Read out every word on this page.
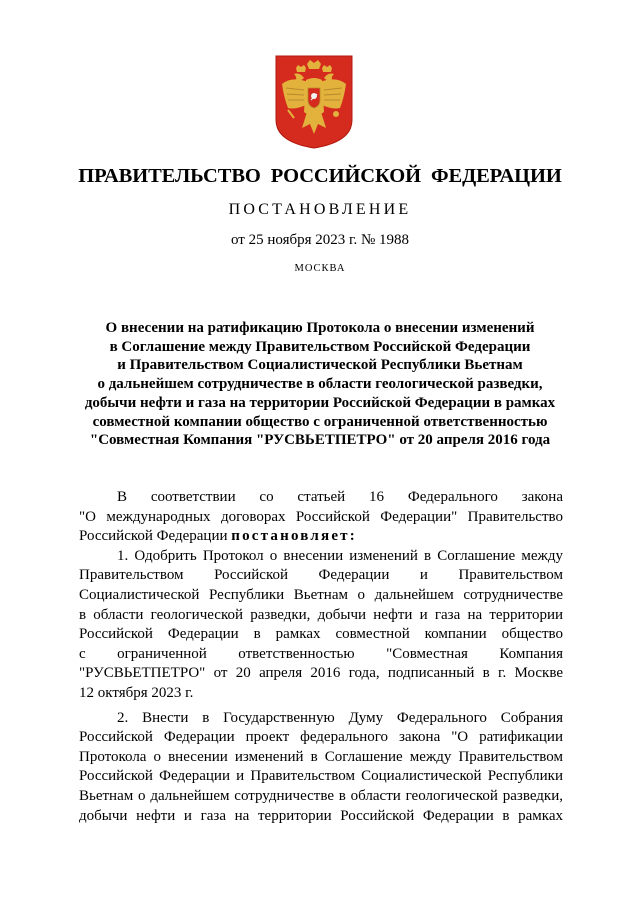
ПРАВИТЕЛЬСТВО  РОССИЙСКОЙ  ФЕДЕРАЦИИ
ПОСТАНОВЛЕНИЕ
от 25 ноября 2023 г. № 1988
МОСКВА
О внесении на ратификацию Протокола о внесении изменений
в Соглашение между Правительством Российской Федерации
и Правительством Социалистической Республики Вьетнам
о дальнейшем сотрудничестве в области геологической разведки,
добычи нефти и газа на территории Российской Федерации в рамках
совместной компании общество с ограниченной ответственностью
"Совместная Компания "РУСВЬЕТПЕТРО" от 20 апреля 2016 года

В соответствии со статьей 16 Федерального закона
"О международных договорах Российской Федерации" Правительство
Российской Федерации постановляет:

1. Одобрить Протокол о внесении изменений в Соглашение между
Правительством Российской Федерации и Правительством
Социалистической Республики Вьетнам о дальнейшем сотрудничестве
в области геологической разведки, добычи нефти и газа на территории
Российской Федерации в рамках совместной компании общество
с ограниченной ответственностью "Совместная Компания
"РУСВЬЕТПЕТРО" от 20 апреля 2016 года, подписанный в г. Москве
12 октября 2023 г.

2. Внести в Государственную Думу Федерального Собрания
Российской Федерации проект федерального закона "О ратификации
Протокола о внесении изменений в Соглашение между Правительством
Российской Федерации и Правительством Социалистической Республики
Вьетнам о дальнейшем сотрудничестве в области геологической разведки,
добычи нефти и газа на территории Российской Федерации в рамках
